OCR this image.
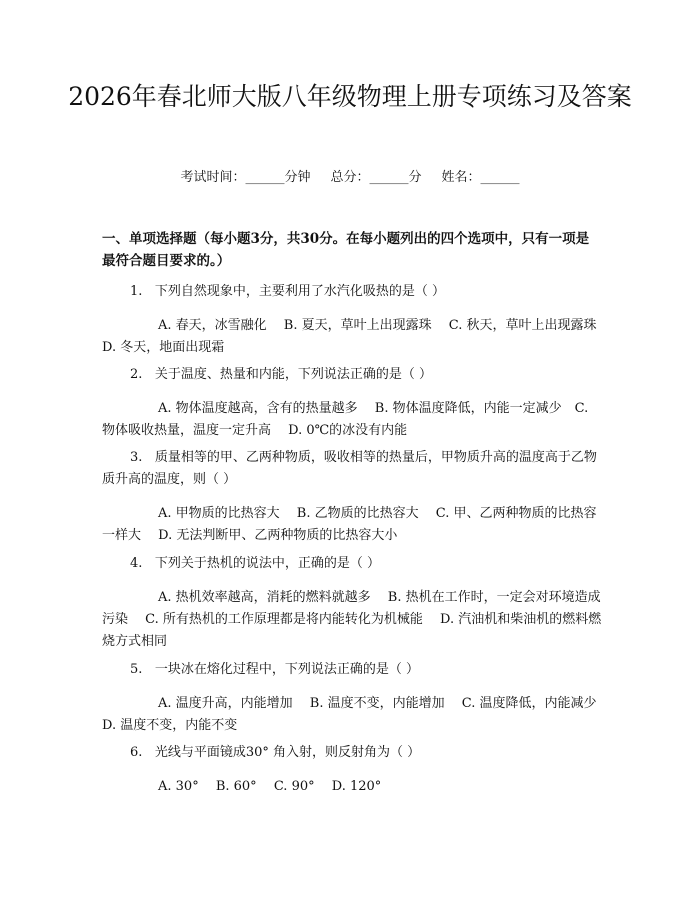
2026年春北师大版八年级物理上册专项练习及答案
考试时间：______分钟 总分：______分 姓名：______

一、单项选择题（每小题3分，共30分。在每小题列出的四个选项中，只有一项是最符合题目要求的。）

1. 下列自然现象中，主要利用了水汽化吸热的是（ ）

A. 春天，冰雪融化　 B. 夏天，草叶上出现露珠　 C. 秋天，草叶上出现露珠　 D. 冬天，地面出现霜

2. 关于温度、热量和内能，下列说法正确的是（ ）

A. 物体温度越高，含有的热量越多　 B. 物体温度降低，内能一定减少　C. 物体吸收热量，温度一定升高　 D. 0℃的冰没有内能

3. 质量相等的甲、乙两种物质，吸收相等的热量后，甲物质升高的温度高于乙物质升高的温度，则（ ）

A. 甲物质的比热容大　 B. 乙物质的比热容大　 C. 甲、乙两种物质的比热容一样大　 D. 无法判断甲、乙两种物质的比热容大小

4. 下列关于热机的说法中，正确的是（ ）

A. 热机效率越高，消耗的燃料就越多　 B. 热机在工作时，一定会对环境造成污染　 C. 所有热机的工作原理都是将内能转化为机械能　 D. 汽油机和柴油机的燃料燃烧方式相同

5. 一块冰在熔化过程中，下列说法正确的是（ ）

A. 温度升高，内能增加　 B. 温度不变，内能增加　 C. 温度降低，内能减少　 D. 温度不变，内能不变

6. 光线与平面镜成30° 角入射，则反射角为（ ）

A. 30°　 B. 60°　 C. 90°　 D. 120°
